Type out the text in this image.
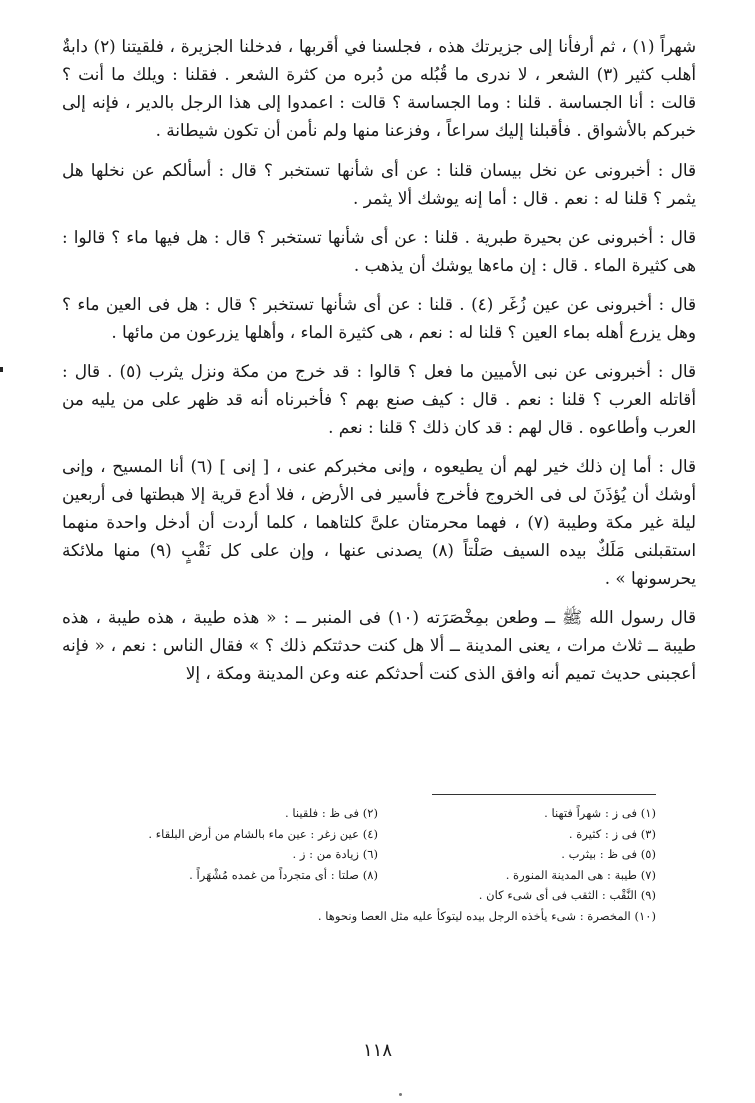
شهراً (١) ، ثم أرفأنا إلى جزيرتك هذه ، فجلسنا في أقربها ، فدخلنا الجزيرة ، فلقيتنا (٢) دابةٌ أهلب كثير (٣) الشعر ، لا ندرى ما قُبُله من دُبره من كثرة الشعر . فقلنا : ويلك ما أنت ؟ قالت : أنا الجساسة . قلنا : وما الجساسة ؟ قالت : اعمدوا إلى هذا الرجل بالدير ، فإنه إلى خبركم بالأشواق . فأقبلنا إليك سراعاً ، وفزعنا منها ولم نأمن أن تكون شيطانة .

قال : أخبرونى عن نخل بيسان قلنا : عن أى شأنها تستخبر ؟ قال : أسألكم عن نخلها هل يثمر ؟ قلنا له : نعم . قال : أما إنه يوشك ألا يثمر .

قال : أخبرونى عن بحيرة طبرية . قلنا : عن أى شأنها تستخبر ؟ قال : هل فيها ماء ؟ قالوا : هى كثيرة الماء . قال : إن ماءها يوشك أن يذهب .

قال : أخبرونى عن عين زُغَر (٤) . قلنا : عن أى شأنها تستخبر ؟ قال : هل فى العين ماء ؟ وهل يزرع أهله بماء العين ؟ قلنا له : نعم ، هى كثيرة الماء ، وأهلها يزرعون من مائها .

قال : أخبرونى عن نبى الأميين ما فعل ؟ قالوا : قد خرج من مكة ونزل يثرب (٥) . قال : أقاتله العرب ؟ قلنا : نعم . قال : كيف صنع بهم ؟ فأخبرناه أنه قد ظهر على من يليه من العرب وأطاعوه . قال لهم : قد كان ذلك ؟ قلنا : نعم .

قال : أما إن ذلك خير لهم أن يطيعوه ، وإنى مخبركم عنى ، [ إنى ] (٦) أنا المسيح ، وإنى أوشك أن يُؤذَنَ لى فى الخروج فأخرج فأسير فى الأرض ، فلا أدع قرية إلا هبطتها فى أربعين ليلة غير مكة وطيبة (٧) ، فهما محرمتان علىَّ كلتاهما ، كلما أردت أن أدخل واحدة منهما استقبلنى مَلَكٌ بيده السيف صَلْتاً (٨) يصدنى عنها ، وإن على كل نَقْبٍ (٩) منها ملائكة يحرسونها » .

قال رسول الله ﷺ ــ وطعن بمِخْصَرَته (١٠) فى المنبر ــ : « هذه طيبة ، هذه طيبة ، هذه طيبة ــ ثلاث مرات ، يعنى المدينة ــ ألا هل كنت حدثتكم ذلك ؟ » فقال الناس : نعم ، « فإنه أعجبنى حديث تميم أنه وافق الذى كنت أحدثكم عنه وعن المدينة ومكة ، إلا

(١) فى ز : شهراً فتهنا .
(٢) فى ظ : فلقينا .
(٣) فى ز : كثيرة .
(٤) عين زغر : عين ماء بالشام من أرض البلقاء .
(٥) فى ظ : بيثرب .
(٦) زيادة من : ز .
(٧) طيبة : هى المدينة المنورة .
(٨) صلتا : أى متجرداً من غمده مُشْهَراً .
(٩) النَّقْب : الثقب فى أى شىء كان .
(١٠) المخصرة : شىء يأخذه الرجل بيده ليتوكأ عليه مثل العصا ونحوها .
١١٨
